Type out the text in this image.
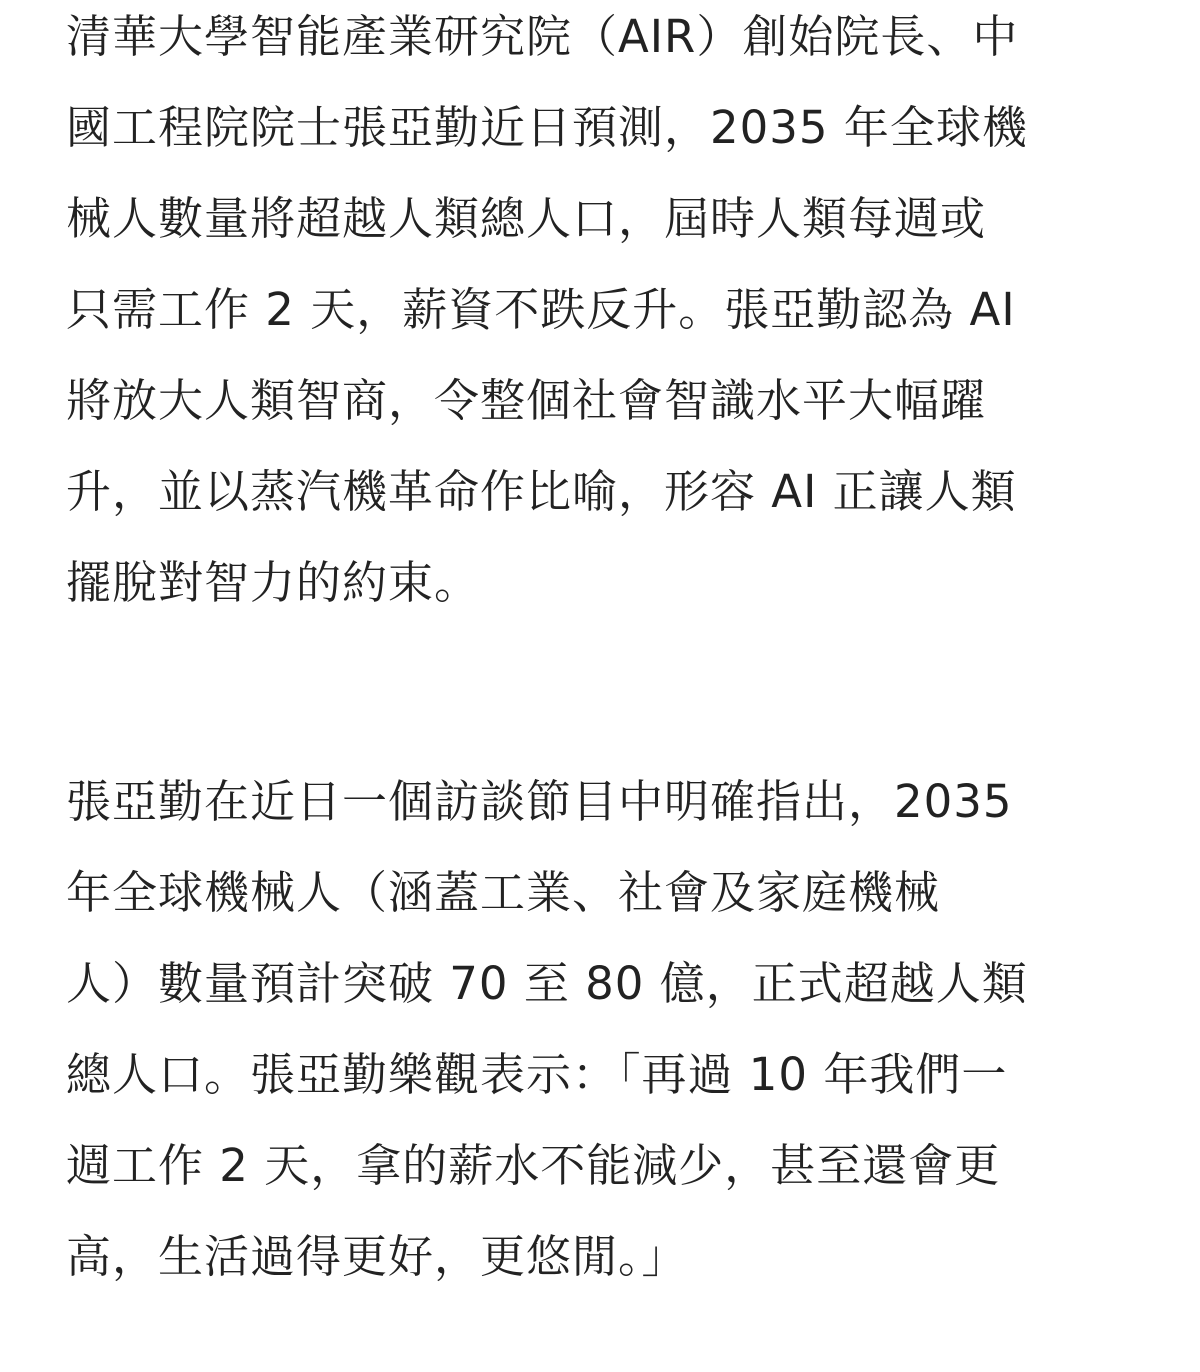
清華大學智能產業研究院（AIR）創始院長、中
國工程院院士張亞勤近日預測，2035 年全球機
械人數量將超越人類總人口，屆時人類每週或
只需工作 2 天，薪資不跌反升。張亞勤認為 AI
將放大人類智商，令整個社會智識水平大幅躍
升，並以蒸汽機革命作比喻，形容 AI 正讓人類
擺脫對智力的約束。
張亞勤在近日一個訪談節目中明確指出，2035
年全球機械人（涵蓋工業、社會及家庭機械
人）數量預計突破 70 至 80 億，正式超越人類
總人口。張亞勤樂觀表示：「再過 10 年我們一
週工作 2 天，拿的薪水不能減少，甚至還會更
高，生活過得更好，更悠閒。」
